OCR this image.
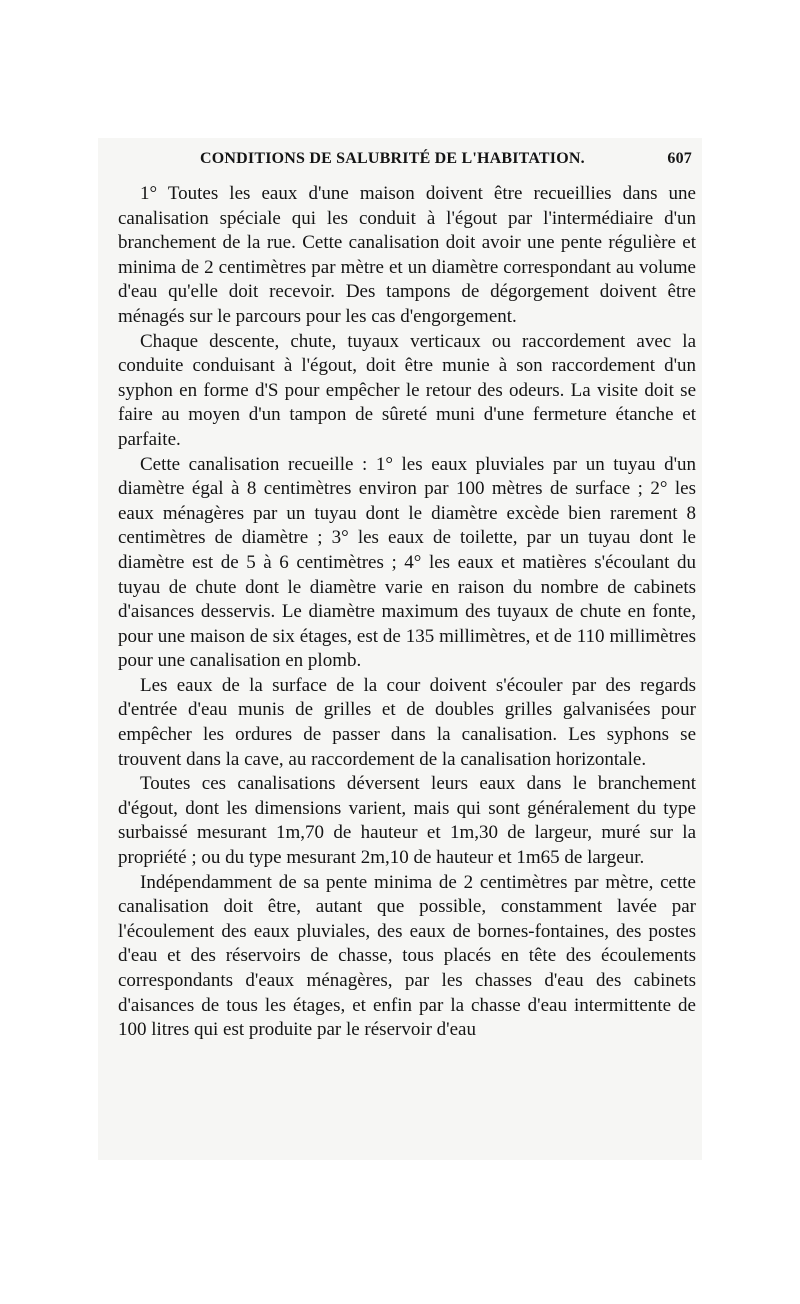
CONDITIONS DE SALUBRITÉ DE L'HABITATION.	607

1° Toutes les eaux d'une maison doivent être recueillies dans une canalisation spéciale qui les conduit à l'égout par l'intermédiaire d'un branchement de la rue. Cette canalisation doit avoir une pente régulière et minima de 2 centimètres par mètre et un diamètre correspondant au volume d'eau qu'elle doit recevoir. Des tampons de dégorgement doivent être ménagés sur le parcours pour les cas d'engorgement.

Chaque descente, chute, tuyaux verticaux ou raccordement avec la conduite conduisant à l'égout, doit être munie à son raccordement d'un syphon en forme d'S pour empêcher le retour des odeurs. La visite doit se faire au moyen d'un tampon de sûreté muni d'une fermeture étanche et parfaite.

Cette canalisation recueille : 1° les eaux pluviales par un tuyau d'un diamètre égal à 8 centimètres environ par 100 mètres de surface ; 2° les eaux ménagères par un tuyau dont le diamètre excède bien rarement 8 centimètres de diamètre ; 3° les eaux de toilette, par un tuyau dont le diamètre est de 5 à 6 centimètres ; 4° les eaux et matières s'écoulant du tuyau de chute dont le diamètre varie en raison du nombre de cabinets d'aisances desservis. Le diamètre maximum des tuyaux de chute en fonte, pour une maison de six étages, est de 135 millimètres, et de 110 millimètres pour une canalisation en plomb.

Les eaux de la surface de la cour doivent s'écouler par des regards d'entrée d'eau munis de grilles et de doubles grilles galvanisées pour empêcher les ordures de passer dans la canalisation. Les syphons se trouvent dans la cave, au raccordement de la canalisation horizontale.

Toutes ces canalisations déversent leurs eaux dans le branchement d'égout, dont les dimensions varient, mais qui sont généralement du type surbaissé mesurant 1m,70 de hauteur et 1m,30 de largeur, muré sur la propriété ; ou du type mesurant 2m,10 de hauteur et 1m65 de largeur.

Indépendamment de sa pente minima de 2 centimètres par mètre, cette canalisation doit être, autant que possible, constamment lavée par l'écoulement des eaux pluviales, des eaux de bornes-fontaines, des postes d'eau et des réservoirs de chasse, tous placés en tête des écoulements correspondants d'eaux ménagères, par les chasses d'eau des cabinets d'aisances de tous les étages, et enfin par la chasse d'eau intermittente de 100 litres qui est produite par le réservoir d'eau
